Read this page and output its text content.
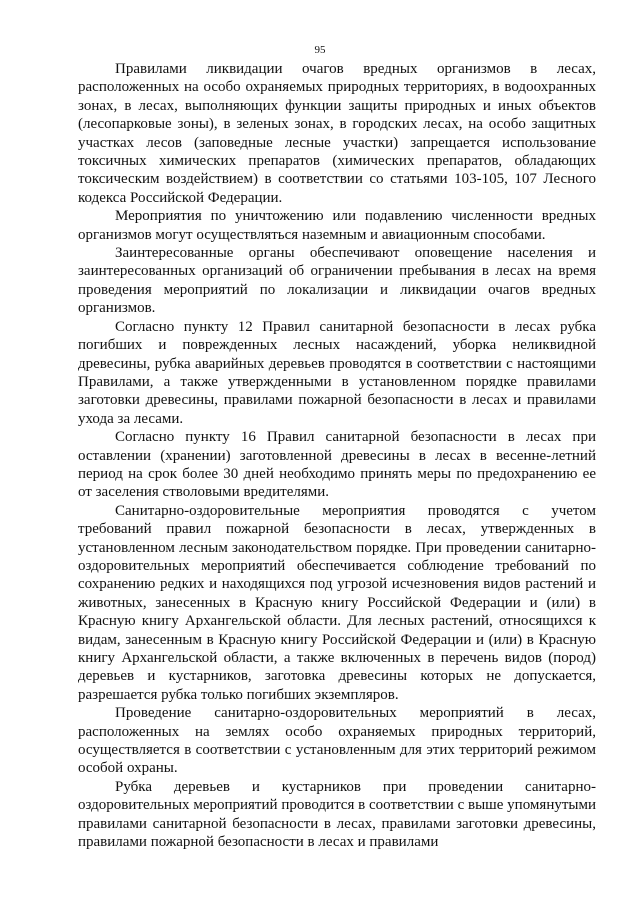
95

Правилами ликвидации очагов вредных организмов в лесах, расположенных на особо охраняемых природных территориях, в водоохранных зонах, в лесах, выполняющих функции защиты природных и иных объектов (лесопарковые зоны), в зеленых зонах, в городских лесах, на особо защитных участках лесов (заповедные лесные участки) запрещается использование токсичных химических препаратов (химических препаратов, обладающих токсическим воздействием) в соответствии со статьями 103-105, 107 Лесного кодекса Российской Федерации.

Мероприятия по уничтожению или подавлению численности вредных организмов могут осуществляться наземным и авиационным способами.

Заинтересованные органы обеспечивают оповещение населения и заинтересованных организаций об ограничении пребывания в лесах на время проведения мероприятий по локализации и ликвидации очагов вредных организмов.

Согласно пункту 12 Правил санитарной безопасности в лесах рубка погибших и поврежденных лесных насаждений, уборка неликвидной древесины, рубка аварийных деревьев проводятся в соответствии с настоящими Правилами, а также утвержденными в установленном порядке правилами заготовки древесины, правилами пожарной безопасности в лесах и правилами ухода за лесами.

Согласно пункту 16 Правил санитарной безопасности в лесах при оставлении (хранении) заготовленной древесины в лесах в весенне-летний период на срок более 30 дней необходимо принять меры по предохранению ее от заселения стволовыми вредителями.

Санитарно-оздоровительные мероприятия проводятся с учетом требований правил пожарной безопасности в лесах, утвержденных в установленном лесным законодательством порядке. При проведении санитарно-оздоровительных мероприятий обеспечивается соблюдение требований по сохранению редких и находящихся под угрозой исчезновения видов растений и животных, занесенных в Красную книгу Российской Федерации и (или) в Красную книгу Архангельской области. Для лесных растений, относящихся к видам, занесенным в Красную книгу Российской Федерации и (или) в Красную книгу Архангельской области, а также включенных в перечень видов (пород) деревьев и кустарников, заготовка древесины которых не допускается, разрешается рубка только погибших экземпляров.

Проведение санитарно-оздоровительных мероприятий в лесах, расположенных на землях особо охраняемых природных территорий, осуществляется в соответствии с установленным для этих территорий режимом особой охраны.

Рубка деревьев и кустарников при проведении санитарно-оздоровительных мероприятий проводится в соответствии с выше упомянутыми правилами санитарной безопасности в лесах, правилами заготовки древесины, правилами пожарной безопасности в лесах и правилами
